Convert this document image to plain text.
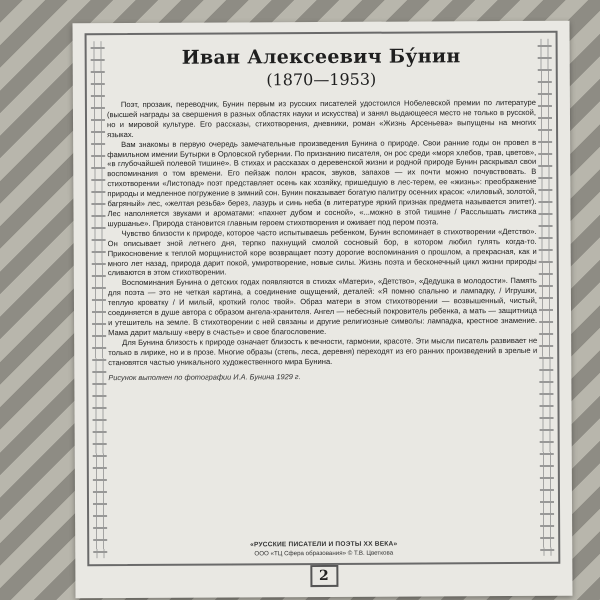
Иван Алексеевич Бу́нин
(1870—1953)

Поэт, прозаик, переводчик, Бунин первым из русских писателей удостоился Нобелевской премии по литературе (высшей награды за свершения в разных областях науки и искусства) и занял выдающееся место не только в русской, но и мировой культуре. Его рассказы, стихотворения, дневники, роман «Жизнь Арсеньева» выпущены на многих языках.

Вам знакомы в первую очередь замечательные произведения Бунина о природе. Свои ранние годы он провел в фамильном имении Бутырки в Орловской губернии. По признанию писателя, он рос среди «моря хлебов, трав, цветов», «в глубочайшей полевой тишине». В стихах и рассказах о деревенской жизни и родной природе Бунин раскрывал свои воспоминания о том времени. Его пейзаж полон красок, звуков, запахов — их почти можно почувствовать. В стихотворении «Листопад» поэт представляет осень как хозяйку, пришедшую в лес-терем, ее «жизнь»: преображение природы и медленное погружение в зимний сон. Бунин показывает богатую палитру осенних красок: «лиловый, золотой, багряный» лес, «желтая резьба» берез, лазурь и синь неба (в литературе яркий признак предмета называется эпитет). Лес наполняется звуками и ароматами: «пахнет дубом и сосной», «...можно в этой тишине / Расслышать листика шуршанье». Природа становится главным героем стихотворения и оживает под пером поэта.

Чувство близости к природе, которое часто испытываешь ребенком, Бунин вспоминает в стихотворении «Детство». Он описывает зной летнего дня, терпко пахнущий смолой сосновый бор, в котором любил гулять когда-то. Прикосновение к теплой морщинистой коре возвращает поэту дорогие воспоминания о прошлом, а прекрасная, как и много лет назад, природа дарит покой, умиротворение, новые силы. Жизнь поэта и бесконечный цикл жизни природы сливаются в этом стихотворении.

Воспоминания Бунина о детских годах появляются в стихах «Матери», «Детство», «Дедушка в молодости». Память для поэта — это не четкая картина, а соединение ощущений, деталей: «Я помню спальню и лампадку, / Игрушки, теплую кроватку / И милый, кроткий голос твой». Образ матери в этом стихотворении — возвышенный, чистый, соединяется в душе автора с образом ангела-хранителя. Ангел — небесный покровитель ребенка, а мать — защитница и утешитель на земле. В стихотворении с ней связаны и другие религиозные символы: лампадка, крестное знамение. Мама дарит малышу «веру в счастье» и свое благословение.

Для Бунина близость к природе означает близость к вечности, гармонии, красоте. Эти мысли писатель развивает не только в лирике, но и в прозе. Многие образы (степь, леса, деревня) переходят из его ранних произведений в зрелые и становятся частью уникального художественного мира Бунина.

Рисунок выполнен по фотографии И.А. Бунина 1929 г.
«РУССКИЕ ПИСАТЕЛИ И ПОЭТЫ XX ВЕКА»
ООО «ТЦ Сфера образования» © Т.В. Цветкова
2
